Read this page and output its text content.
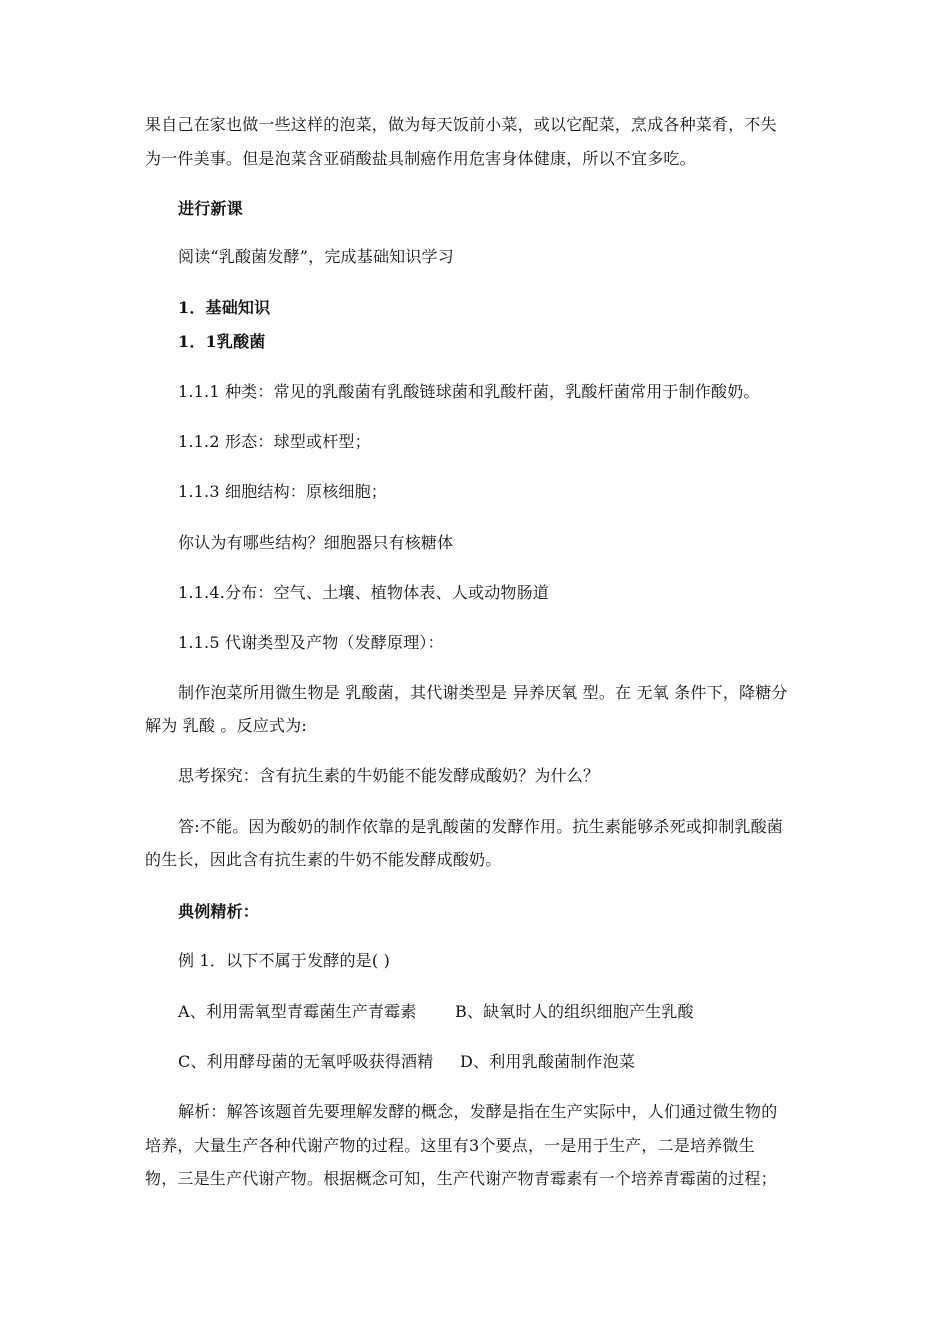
果自己在家也做一些这样的泡菜，做为每天饭前小菜，或以它配菜，烹成各种菜肴，不失
为一件美事。但是泡菜含亚硝酸盐具制癌作用危害身体健康，所以不宜多吃。
进行新课
阅读“乳酸菌发酵”，完成基础知识学习
1．基础知识
1．1乳酸菌
1.1.1 种类：常见的乳酸菌有乳酸链球菌和乳酸杆菌，乳酸杆菌常用于制作酸奶。
1.1.2 形态：球型或杆型；
1.1.3 细胞结构：原核细胞；
你认为有哪些结构？细胞器只有核糖体
1.1.4.分布：空气、土壤、植物体表、人或动物肠道
1.1.5 代谢类型及产物（发酵原理）：
制作泡菜所用微生物是 乳酸菌，其代谢类型是 异养厌氧 型。在 无氧 条件下，降糖分
解为 乳酸 。反应式为:
思考探究：含有抗生素的牛奶能不能发酵成酸奶？为什么？
答:不能。因为酸奶的制作依靠的是乳酸菌的发酵作用。抗生素能够杀死或抑制乳酸菌
的生长，因此含有抗生素的牛奶不能发酵成酸奶。
典例精析：
例 1．以下不属于发酵的是( )
A、利用需氧型青霉菌生产青霉素 B、缺氧时人的组织细胞产生乳酸
C、利用酵母菌的无氧呼吸获得酒精 D、利用乳酸菌制作泡菜
解析：解答该题首先要理解发酵的概念，发酵是指在生产实际中，人们通过微生物的
培养，大量生产各种代谢产物的过程。这里有3个要点，一是用于生产，二是培养微生
物，三是生产代谢产物。根据概念可知，生产代谢产物青霉素有一个培养青霉菌的过程；
